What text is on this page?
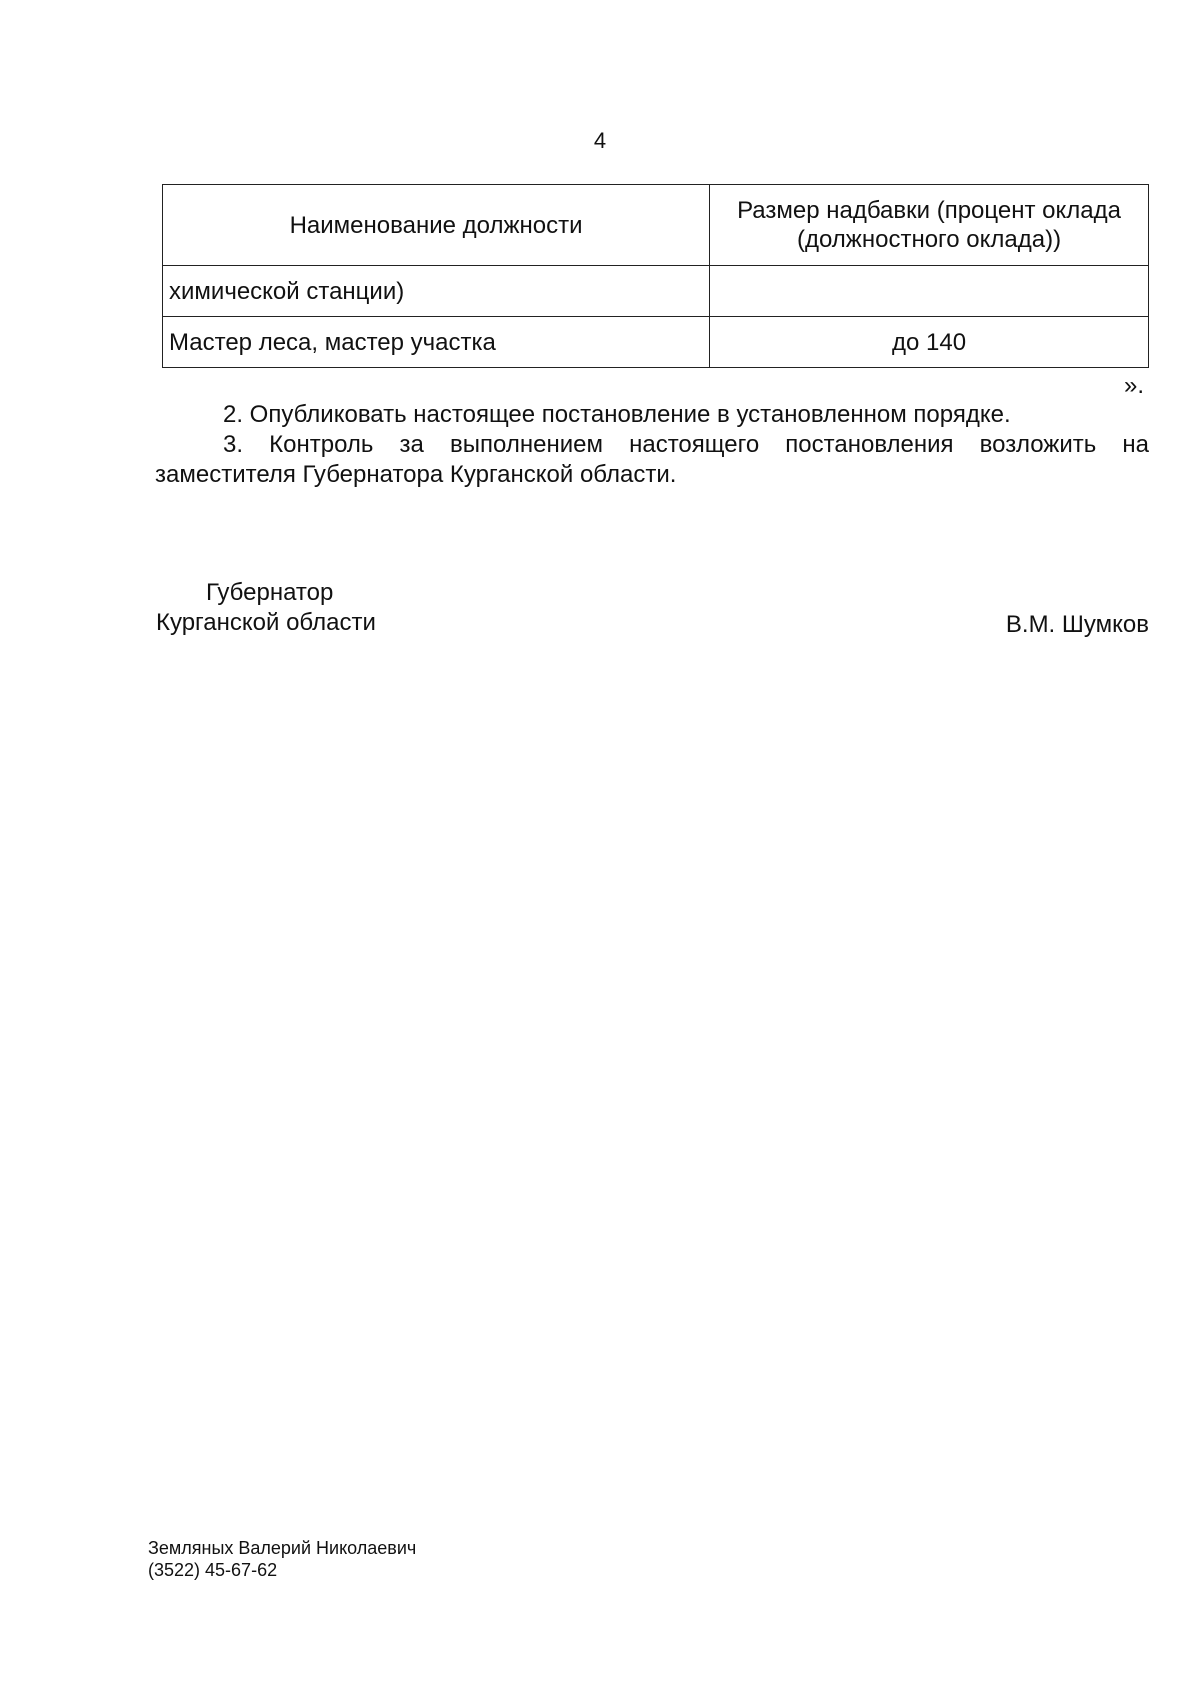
4
Наименование должности	Размер надбавки (процент оклада (должностного оклада))
химической станции)	
Мастер леса, мастер участка	до 140
».

2. Опубликовать настоящее постановление в установленном порядке.

3. Контроль за выполнением настоящего постановления возложить на заместителя Губернатора Курганской области.

Губернатор
Курганской области	В.М. Шумков
Земляных Валерий Николаевич
(3522) 45-67-62
